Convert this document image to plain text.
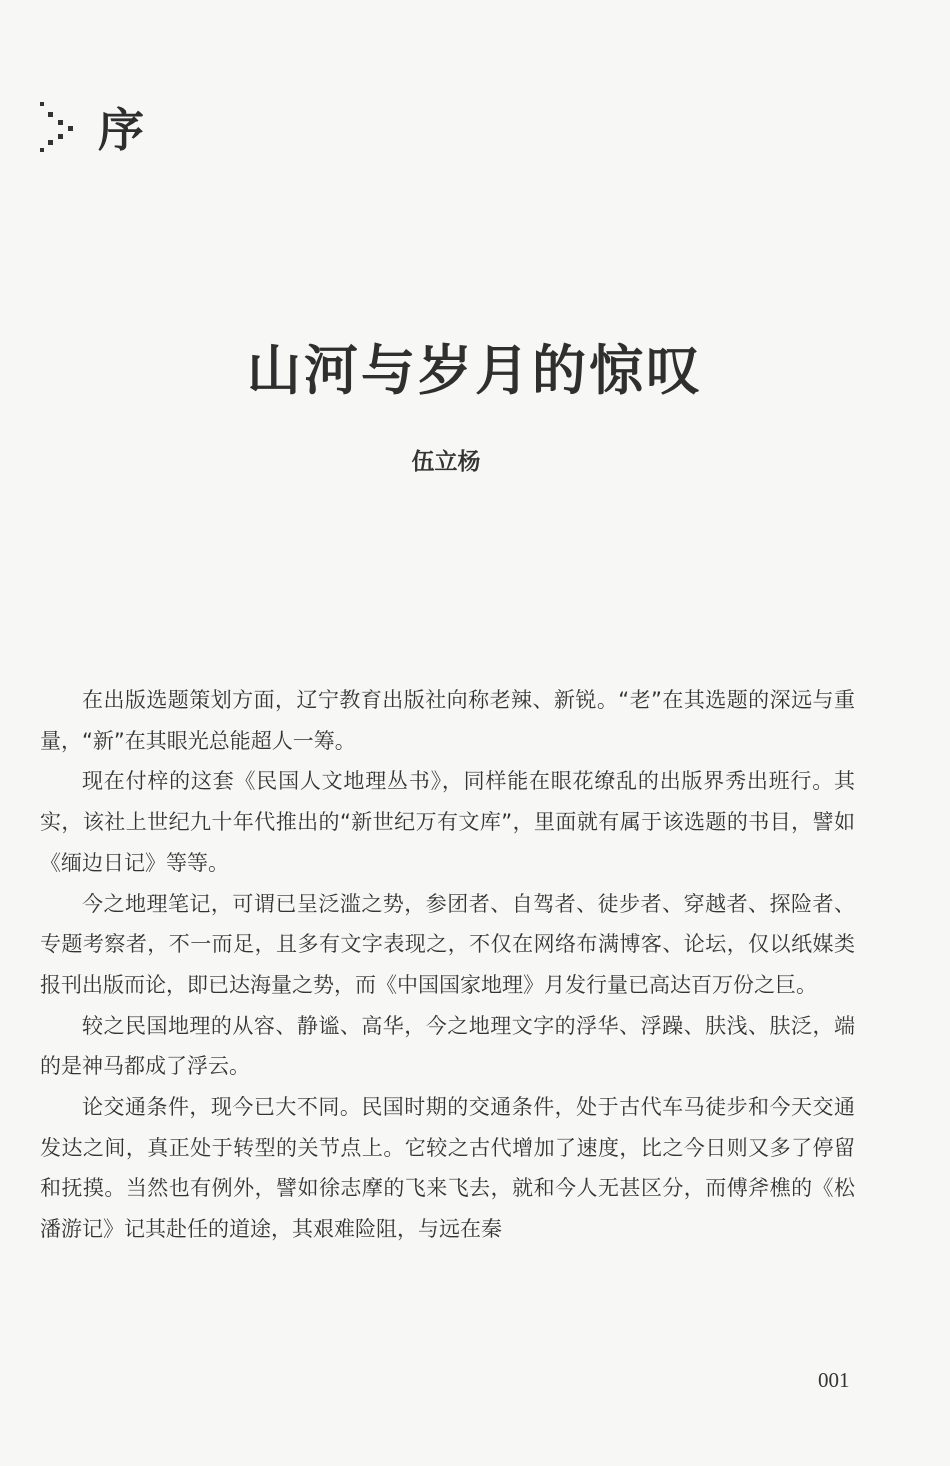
序
山河与岁月的惊叹
伍立杨

在出版选题策划方面，辽宁教育出版社向称老辣、新锐。“老”在其选题的深远与重量，“新”在其眼光总能超人一筹。

现在付梓的这套《民国人文地理丛书》，同样能在眼花缭乱的出版界秀出班行。其实，该社上世纪九十年代推出的“新世纪万有文库”，里面就有属于该选题的书目，譬如《缅边日记》等等。

今之地理笔记，可谓已呈泛滥之势，参团者、自驾者、徒步者、穿越者、探险者、专题考察者，不一而足，且多有文字表现之，不仅在网络布满博客、论坛，仅以纸媒类报刊出版而论，即已达海量之势，而《中国国家地理》月发行量已高达百万份之巨。

较之民国地理的从容、静谧、高华，今之地理文字的浮华、浮躁、肤浅、肤泛，端的是神马都成了浮云。

论交通条件，现今已大不同。民国时期的交通条件，处于古代车马徒步和今天交通发达之间，真正处于转型的关节点上。它较之古代增加了速度，比之今日则又多了停留和抚摸。当然也有例外，譬如徐志摩的飞来飞去，就和今人无甚区分，而傅斧樵的《松潘游记》记其赴任的道途，其艰难险阻，与远在秦

001
